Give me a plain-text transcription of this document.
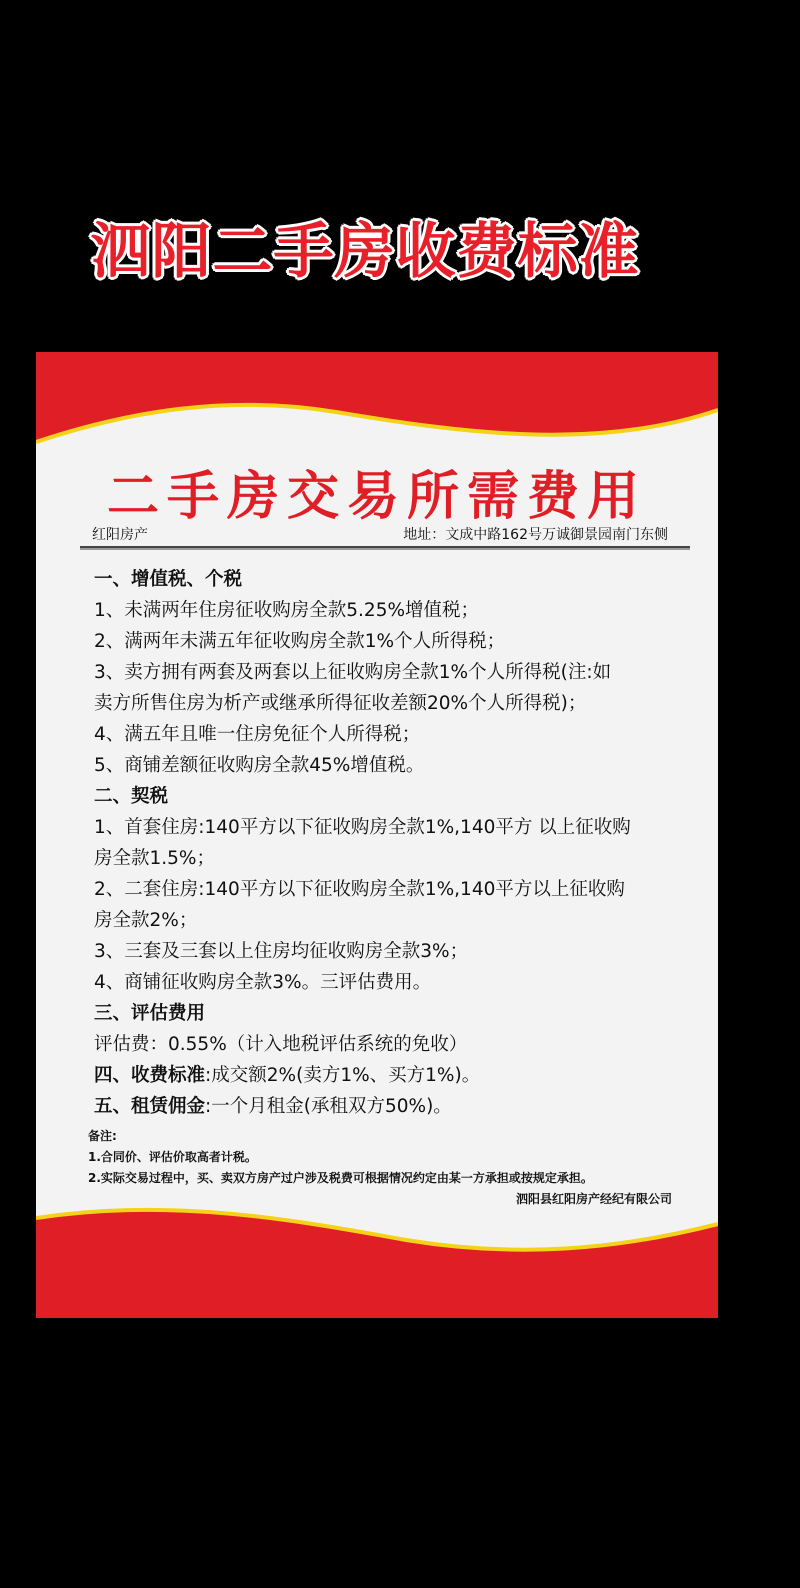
泗阳二手房收费标准
二手房交易所需费用
红阳房产	地址：文成中路162号万诚御景园南门东侧
一、增值税、个税
1、未满两年住房征收购房全款5.25%增值税；
2、满两年未满五年征收购房全款1%个人所得税；
3、卖方拥有两套及两套以上征收购房全款1%个人所得税(注:如
卖方所售住房为析产或继承所得征收差额20%个人所得税)；
4、满五年且唯一住房免征个人所得税；
5、商铺差额征收购房全款45%增值税。
二、契税
1、首套住房:140平方以下征收购房全款1%,140平方 以上征收购
房全款1.5%；
2、二套住房:140平方以下征收购房全款1%,140平方以上征收购
房全款2%；
3、三套及三套以上住房均征收购房全款3%；
4、商铺征收购房全款3%。三评估费用。
三、评估费用
评估费：0.55%（计入地税评估系统的免收）
四、收费标准:成交额2%(卖方1%、买方1%)。
五、租赁佣金:一个月租金(承租双方50%)。
备注:
1.合同价、评估价取高者计税。
2.实际交易过程中，买、卖双方房产过户涉及税费可根据情况约定由某一方承担或按规定承担。
泗阳县红阳房产经纪有限公司
